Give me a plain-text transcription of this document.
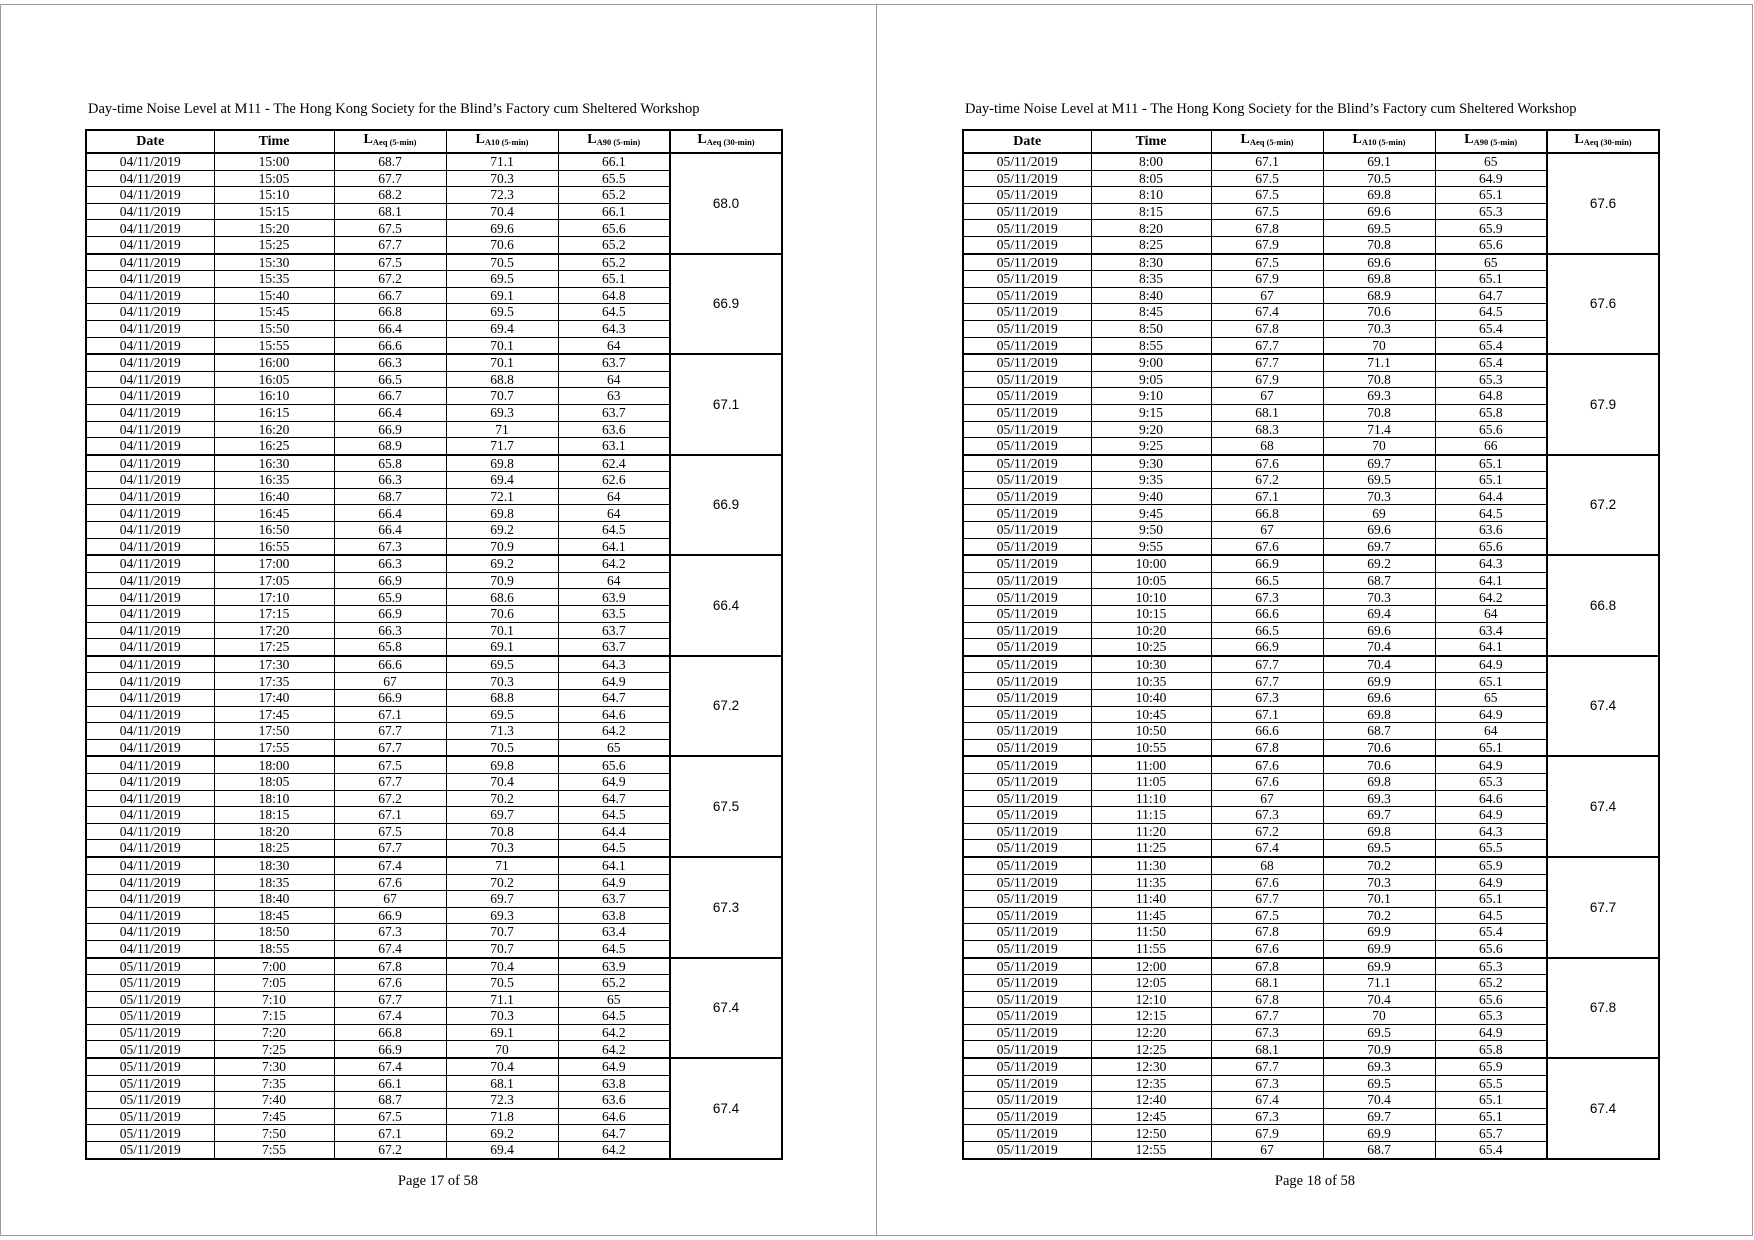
Day-time Noise Level at M11 - The Hong Kong Society for the Blind’s Factory cum Sheltered Workshop
Date	Time	$L_{Aeq (5-min)}$	$L_{A10 (5-min)}$	$L_{A90 (5-min)}$	$L_{Aeq (30-min)}$
04/11/2019	15:00	68.7	71.1	66.1	68.0
04/11/2019	15:05	67.7	70.3	65.5	
04/11/2019	15:10	68.2	72.3	65.2	
04/11/2019	15:15	68.1	70.4	66.1	
04/11/2019	15:20	67.5	69.6	65.6	
04/11/2019	15:25	67.7	70.6	65.2	
04/11/2019	15:30	67.5	70.5	65.2	66.9
04/11/2019	15:35	67.2	69.5	65.1	
04/11/2019	15:40	66.7	69.1	64.8	
04/11/2019	15:45	66.8	69.5	64.5	
04/11/2019	15:50	66.4	69.4	64.3	
04/11/2019	15:55	66.6	70.1	64	
04/11/2019	16:00	66.3	70.1	63.7	67.1
04/11/2019	16:05	66.5	68.8	64	
04/11/2019	16:10	66.7	70.7	63	
04/11/2019	16:15	66.4	69.3	63.7	
04/11/2019	16:20	66.9	71	63.6	
04/11/2019	16:25	68.9	71.7	63.1	
04/11/2019	16:30	65.8	69.8	62.4	66.9
04/11/2019	16:35	66.3	69.4	62.6	
04/11/2019	16:40	68.7	72.1	64	
04/11/2019	16:45	66.4	69.8	64	
04/11/2019	16:50	66.4	69.2	64.5	
04/11/2019	16:55	67.3	70.9	64.1	
04/11/2019	17:00	66.3	69.2	64.2	66.4
04/11/2019	17:05	66.9	70.9	64	
04/11/2019	17:10	65.9	68.6	63.9	
04/11/2019	17:15	66.9	70.6	63.5	
04/11/2019	17:20	66.3	70.1	63.7	
04/11/2019	17:25	65.8	69.1	63.7	
04/11/2019	17:30	66.6	69.5	64.3	67.2
04/11/2019	17:35	67	70.3	64.9	
04/11/2019	17:40	66.9	68.8	64.7	
04/11/2019	17:45	67.1	69.5	64.6	
04/11/2019	17:50	67.7	71.3	64.2	
04/11/2019	17:55	67.7	70.5	65	
04/11/2019	18:00	67.5	69.8	65.6	67.5
04/11/2019	18:05	67.7	70.4	64.9	
04/11/2019	18:10	67.2	70.2	64.7	
04/11/2019	18:15	67.1	69.7	64.5	
04/11/2019	18:20	67.5	70.8	64.4	
04/11/2019	18:25	67.7	70.3	64.5	
04/11/2019	18:30	67.4	71	64.1	67.3
04/11/2019	18:35	67.6	70.2	64.9	
04/11/2019	18:40	67	69.7	63.7	
04/11/2019	18:45	66.9	69.3	63.8	
04/11/2019	18:50	67.3	70.7	63.4	
04/11/2019	18:55	67.4	70.7	64.5	
05/11/2019	7:00	67.8	70.4	63.9	67.4
05/11/2019	7:05	67.6	70.5	65.2	
05/11/2019	7:10	67.7	71.1	65	
05/11/2019	7:15	67.4	70.3	64.5	
05/11/2019	7:20	66.8	69.1	64.2	
05/11/2019	7:25	66.9	70	64.2	
05/11/2019	7:30	67.4	70.4	64.9	67.4
05/11/2019	7:35	66.1	68.1	63.8	
05/11/2019	7:40	68.7	72.3	63.6	
05/11/2019	7:45	67.5	71.8	64.6	
05/11/2019	7:50	67.1	69.2	64.7	
05/11/2019	7:55	67.2	69.4	64.2	
Page 17 of 58
Day-time Noise Level at M11 - The Hong Kong Society for the Blind’s Factory cum Sheltered Workshop
Date	Time	$L_{Aeq (5-min)}$	$L_{A10 (5-min)}$	$L_{A90 (5-min)}$	$L_{Aeq (30-min)}$
05/11/2019	8:00	67.1	69.1	65	67.6
05/11/2019	8:05	67.5	70.5	64.9	
05/11/2019	8:10	67.5	69.8	65.1	
05/11/2019	8:15	67.5	69.6	65.3	
05/11/2019	8:20	67.8	69.5	65.9	
05/11/2019	8:25	67.9	70.8	65.6	
05/11/2019	8:30	67.5	69.6	65	67.6
05/11/2019	8:35	67.9	69.8	65.1	
05/11/2019	8:40	67	68.9	64.7	
05/11/2019	8:45	67.4	70.6	64.5	
05/11/2019	8:50	67.8	70.3	65.4	
05/11/2019	8:55	67.7	70	65.4	
05/11/2019	9:00	67.7	71.1	65.4	67.9
05/11/2019	9:05	67.9	70.8	65.3	
05/11/2019	9:10	67	69.3	64.8	
05/11/2019	9:15	68.1	70.8	65.8	
05/11/2019	9:20	68.3	71.4	65.6	
05/11/2019	9:25	68	70	66	
05/11/2019	9:30	67.6	69.7	65.1	67.2
05/11/2019	9:35	67.2	69.5	65.1	
05/11/2019	9:40	67.1	70.3	64.4	
05/11/2019	9:45	66.8	69	64.5	
05/11/2019	9:50	67	69.6	63.6	
05/11/2019	9:55	67.6	69.7	65.6	
05/11/2019	10:00	66.9	69.2	64.3	66.8
05/11/2019	10:05	66.5	68.7	64.1	
05/11/2019	10:10	67.3	70.3	64.2	
05/11/2019	10:15	66.6	69.4	64	
05/11/2019	10:20	66.5	69.6	63.4	
05/11/2019	10:25	66.9	70.4	64.1	
05/11/2019	10:30	67.7	70.4	64.9	67.4
05/11/2019	10:35	67.7	69.9	65.1	
05/11/2019	10:40	67.3	69.6	65	
05/11/2019	10:45	67.1	69.8	64.9	
05/11/2019	10:50	66.6	68.7	64	
05/11/2019	10:55	67.8	70.6	65.1	
05/11/2019	11:00	67.6	70.6	64.9	67.4
05/11/2019	11:05	67.6	69.8	65.3	
05/11/2019	11:10	67	69.3	64.6	
05/11/2019	11:15	67.3	69.7	64.9	
05/11/2019	11:20	67.2	69.8	64.3	
05/11/2019	11:25	67.4	69.5	65.5	
05/11/2019	11:30	68	70.2	65.9	67.7
05/11/2019	11:35	67.6	70.3	64.9	
05/11/2019	11:40	67.7	70.1	65.1	
05/11/2019	11:45	67.5	70.2	64.5	
05/11/2019	11:50	67.8	69.9	65.4	
05/11/2019	11:55	67.6	69.9	65.6	
05/11/2019	12:00	67.8	69.9	65.3	67.8
05/11/2019	12:05	68.1	71.1	65.2	
05/11/2019	12:10	67.8	70.4	65.6	
05/11/2019	12:15	67.7	70	65.3	
05/11/2019	12:20	67.3	69.5	64.9	
05/11/2019	12:25	68.1	70.9	65.8	
05/11/2019	12:30	67.7	69.3	65.9	67.4
05/11/2019	12:35	67.3	69.5	65.5	
05/11/2019	12:40	67.4	70.4	65.1	
05/11/2019	12:45	67.3	69.7	65.1	
05/11/2019	12:50	67.9	69.9	65.7	
05/11/2019	12:55	67	68.7	65.4	
Page 18 of 58
